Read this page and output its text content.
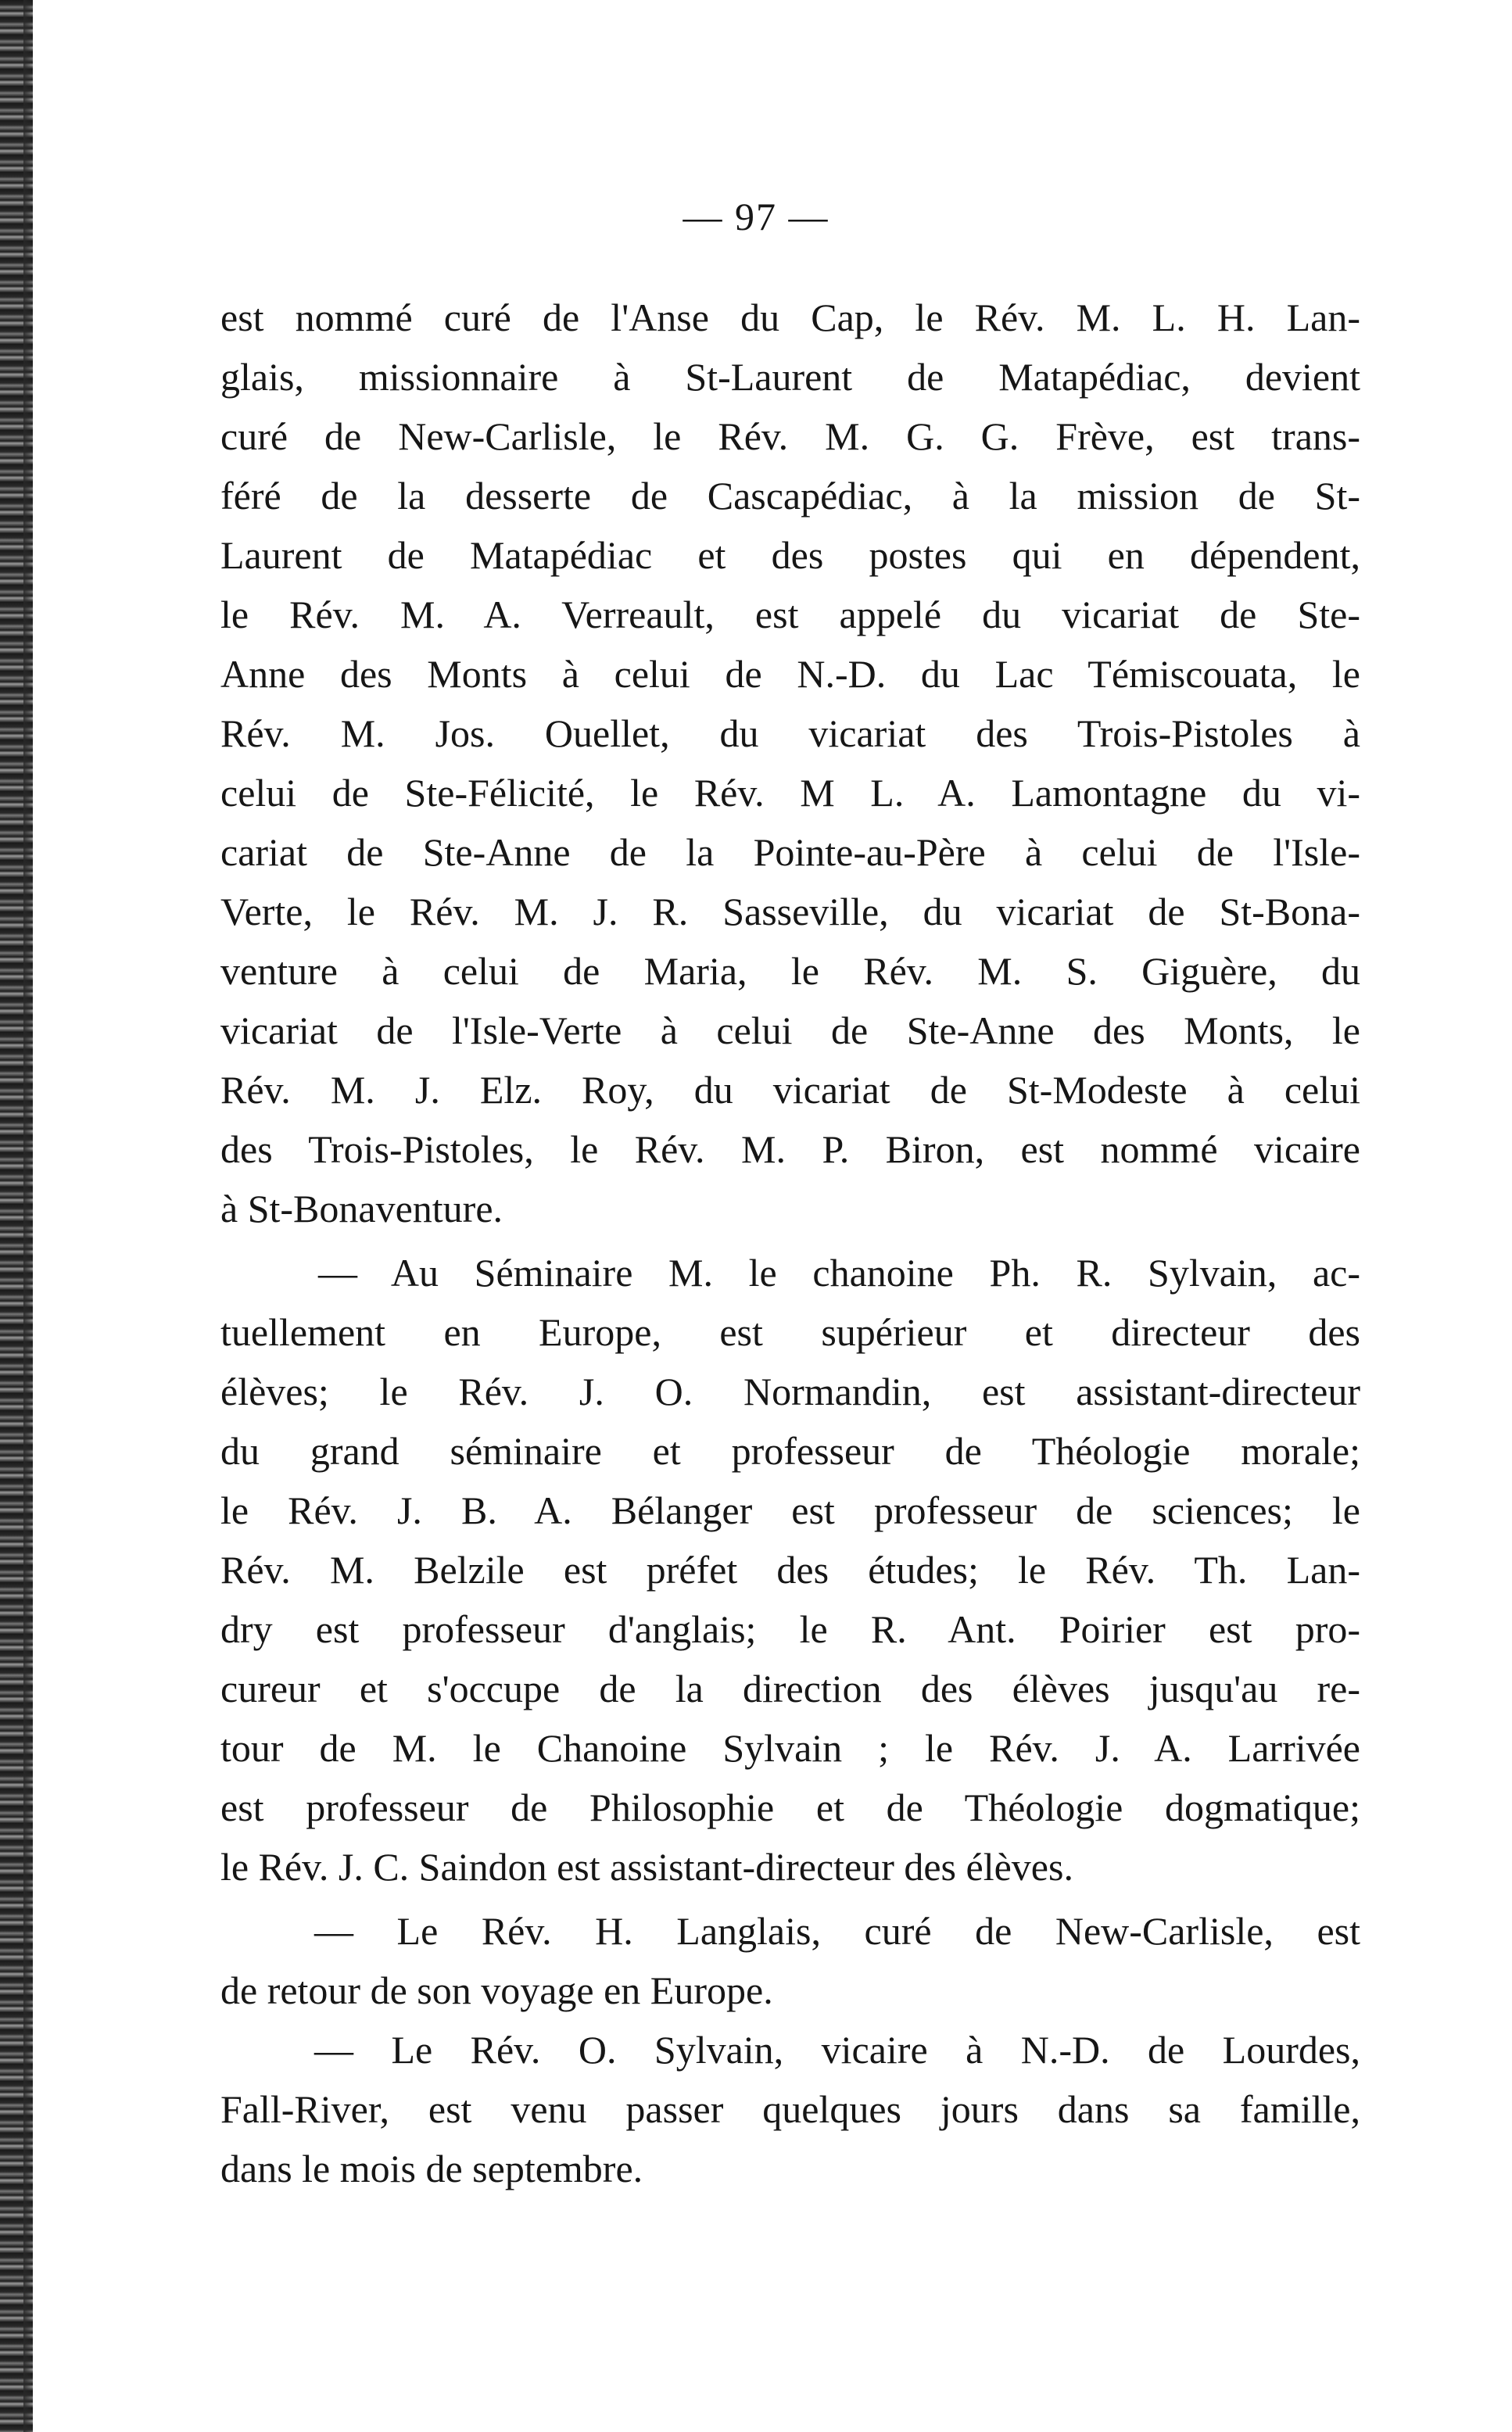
— 97 —
est nommé curé de l'Anse du Cap, le Rév. M. L. H. Lan-
glais, missionnaire à St-Laurent de Matapédiac, devient
curé de New-Carlisle, le Rév. M. G. G. Frève, est trans-
féré de la desserte de Cascapédiac, à la mission de St-
Laurent de Matapédiac et des postes qui en dépendent,
le Rév. M. A. Verreault, est appelé du vicariat de Ste-
Anne des Monts à celui de N.-D. du Lac Témiscouata, le
Rév. M. Jos. Ouellet, du vicariat des Trois-Pistoles à
celui de Ste-Félicité, le Rév. M L. A. Lamontagne du vi-
cariat de Ste-Anne de la Pointe-au-Père à celui de l'Isle-
Verte, le Rév. M. J. R. Sasseville, du vicariat de St-Bona-
venture à celui de Maria, le Rév. M. S. Giguère, du
vicariat de l'Isle-Verte à celui de Ste-Anne des Monts, le
Rév. M. J. Elz. Roy, du vicariat de St-Modeste à celui
des Trois-Pistoles, le Rév. M. P. Biron, est nommé vicaire
à St-Bonaventure.
— Au Séminaire M. le chanoine Ph. R. Sylvain, ac-
tuellement en Europe, est supérieur et directeur des
élèves; le Rév. J. O. Normandin, est assistant-directeur
du grand séminaire et professeur de Théologie morale;
le Rév. J. B. A. Bélanger est professeur de sciences; le
Rév. M. Belzile est préfet des études; le Rév. Th. Lan-
dry est professeur d'anglais; le R. Ant. Poirier est pro-
cureur et s'occupe de la direction des élèves jusqu'au re-
tour de M. le Chanoine Sylvain ; le Rév. J. A. Larrivée
est professeur de Philosophie et de Théologie dogmatique;
le Rév. J. C. Saindon est assistant-directeur des élèves.
— Le Rév. H. Langlais, curé de New-Carlisle, est
de retour de son voyage en Europe.
— Le Rév. O. Sylvain, vicaire à N.-D. de Lourdes,
Fall-River, est venu passer quelques jours dans sa famille,
dans le mois de septembre.
